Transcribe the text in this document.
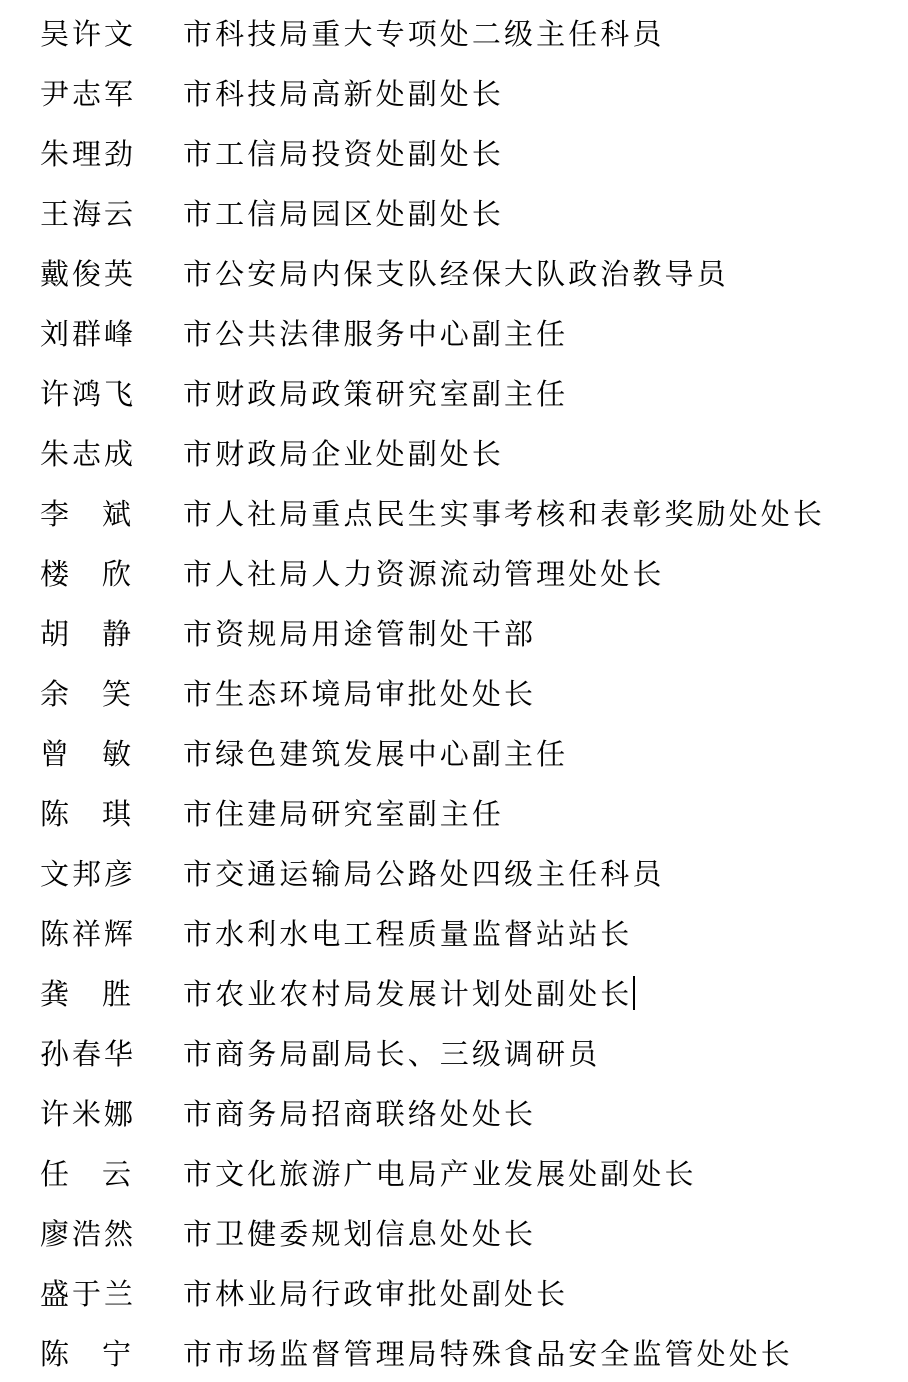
吴许文 市科技局重大专项处二级主任科员
尹志军 市科技局高新处副处长
朱理劲 市工信局投资处副处长
王海云 市工信局园区处副处长
戴俊英 市公安局内保支队经保大队政治教导员
刘群峰 市公共法律服务中心副主任
许鸿飞 市财政局政策研究室副主任
朱志成 市财政局企业处副处长
李 斌 市人社局重点民生实事考核和表彰奖励处处长
楼 欣 市人社局人力资源流动管理处处长
胡 静 市资规局用途管制处干部
余 笑 市生态环境局审批处处长
曾 敏 市绿色建筑发展中心副主任
陈 琪 市住建局研究室副主任
文邦彦 市交通运输局公路处四级主任科员
陈祥辉 市水利水电工程质量监督站站长
龚 胜 市农业农村局发展计划处副处长
孙春华 市商务局副局长、三级调研员
许米娜 市商务局招商联络处处长
任 云 市文化旅游广电局产业发展处副处长
廖浩然 市卫健委规划信息处处长
盛于兰 市林业局行政审批处副处长
陈 宁 市市场监督管理局特殊食品安全监管处处长
